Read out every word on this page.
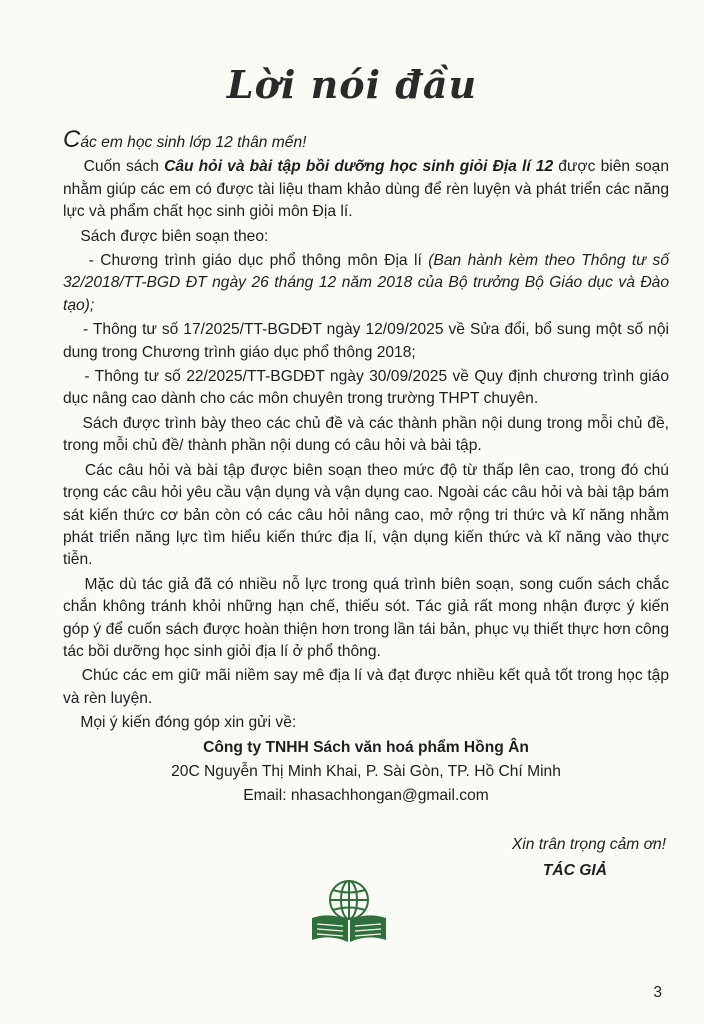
Lời nói đầu

Các em học sinh lớp 12 thân mến!

Cuốn sách Câu hỏi và bài tập bồi dưỡng học sinh giỏi Địa lí 12 được biên soạn nhằm giúp các em có được tài liệu tham khảo dùng để rèn luyện và phát triển các năng lực và phẩm chất học sinh giỏi môn Địa lí.

Sách được biên soạn theo:

- Chương trình giáo dục phổ thông môn Địa lí (Ban hành kèm theo Thông tư số 32/2018/TT-BGD ĐT ngày 26 tháng 12 năm 2018 của Bộ trưởng Bộ Giáo dục và Đào tạo);

- Thông tư số 17/2025/TT-BGDĐT ngày 12/09/2025 về Sửa đổi, bổ sung một số nội dung trong Chương trình giáo dục phổ thông 2018;

- Thông tư số 22/2025/TT-BGDĐT ngày 30/09/2025 về Quy định chương trình giáo dục nâng cao dành cho các môn chuyên trong trường THPT chuyên.

Sách được trình bày theo các chủ đề và các thành phần nội dung trong mỗi chủ đề, trong mỗi chủ đề/ thành phần nội dung có câu hỏi và bài tập.

Các câu hỏi và bài tập được biên soạn theo mức độ từ thấp lên cao, trong đó chú trọng các câu hỏi yêu cầu vận dụng và vận dụng cao. Ngoài các câu hỏi và bài tập bám sát kiến thức cơ bản còn có các câu hỏi nâng cao, mở rộng tri thức và kĩ năng nhằm phát triển năng lực tìm hiểu kiến thức địa lí, vận dụng kiến thức và kĩ năng vào thực tiễn.

Mặc dù tác giả đã có nhiều nỗ lực trong quá trình biên soạn, song cuốn sách chắc chắn không tránh khỏi những hạn chế, thiếu sót. Tác giả rất mong nhận được ý kiến góp ý để cuốn sách được hoàn thiện hơn trong lần tái bản, phục vụ thiết thực hơn công tác bồi dưỡng học sinh giỏi địa lí ở phổ thông.

Chúc các em giữ mãi niềm say mê địa lí và đạt được nhiều kết quả tốt trong học tập và rèn luyện.

Mọi ý kiến đóng góp xin gửi về:

Công ty TNHH Sách văn hoá phẩm Hồng Ân

20C Nguyễn Thị Minh Khai, P. Sài Gòn, TP. Hồ Chí Minh

Email: nhasachhongan@gmail.com

Xin trân trọng cảm ơn!
TÁC GIẢ
3
